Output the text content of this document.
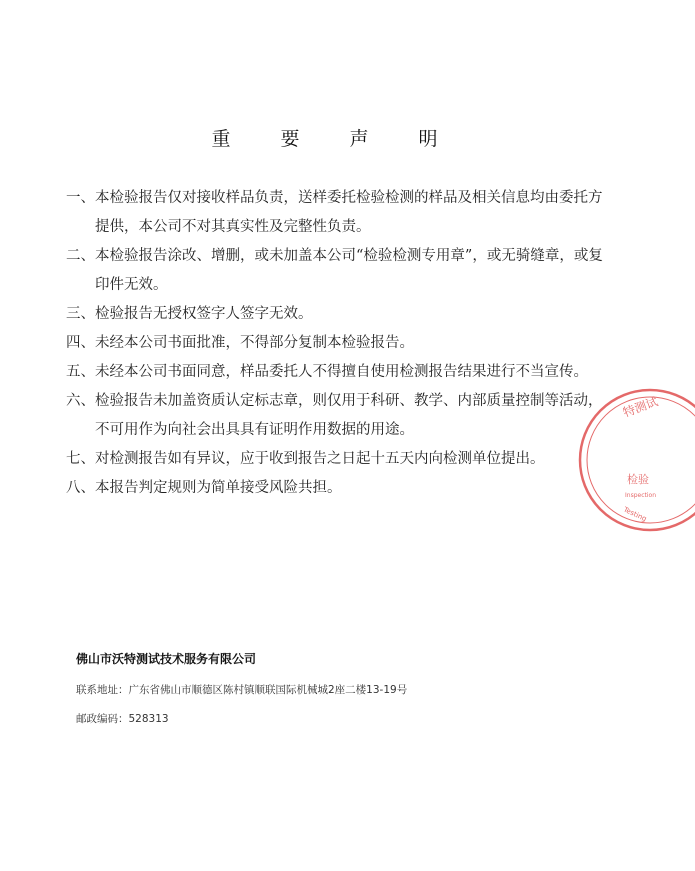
重 要 声 明
一、 本检验报告仅对接收样品负责，送样委托检验检测的样品及相关信息均由委托方提供，本公司不对其真实性及完整性负责。
二、 本检验报告涂改、增删，或未加盖本公司“检验检测专用章”，或无骑缝章，或复印件无效。
三、 检验报告无授权签字人签字无效。
四、 未经本公司书面批准，不得部分复制本检验报告。
五、 未经本公司书面同意，样品委托人不得擅自使用检测报告结果进行不当宣传。
六、 检验报告未加盖资质认定标志章，则仅用于科研、教学、内部质量控制等活动，不可用作为向社会出具具有证明作用数据的用途。
七、 对检测报告如有异议，应于收到报告之日起十五天内向检测单位提出。
八、 本报告判定规则为简单接受风险共担。
佛山市沃特测试技术服务有限公司
联系地址：广东省佛山市顺德区陈村镇顺联国际机械城2座二楼13-19号
邮政编码：528313
特测试
检验
Inspection
Testing
